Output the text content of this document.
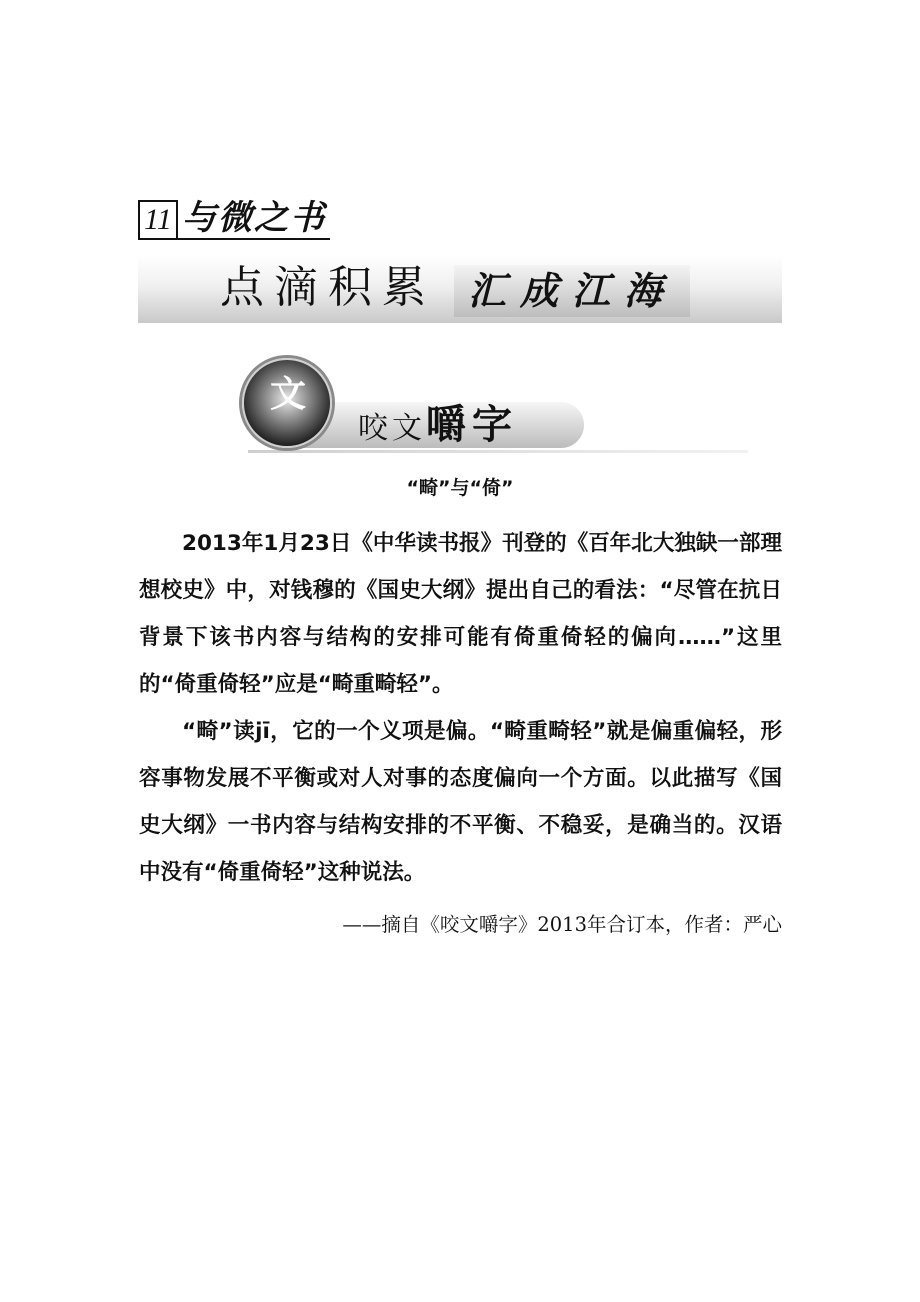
11 与微之书
点滴积累 汇成江海
文
咬文嚼字
“畸”与“倚”

2013年1月23日《中华读书报》刊登的《百年北大独缺一部理想校史》中，对钱穆的《国史大纲》提出自己的看法：“尽管在抗日背景下该书内容与结构的安排可能有倚重倚轻的偏向……”这里的“倚重倚轻”应是“畸重畸轻”。

“畸”读jī，它的一个义项是偏。“畸重畸轻”就是偏重偏轻，形容事物发展不平衡或对人对事的态度偏向一个方面。以此描写《国史大纲》一书内容与结构安排的不平衡、不稳妥，是确当的。汉语中没有“倚重倚轻”这种说法。

——摘自《咬文嚼字》2013年合订本，作者：严心
